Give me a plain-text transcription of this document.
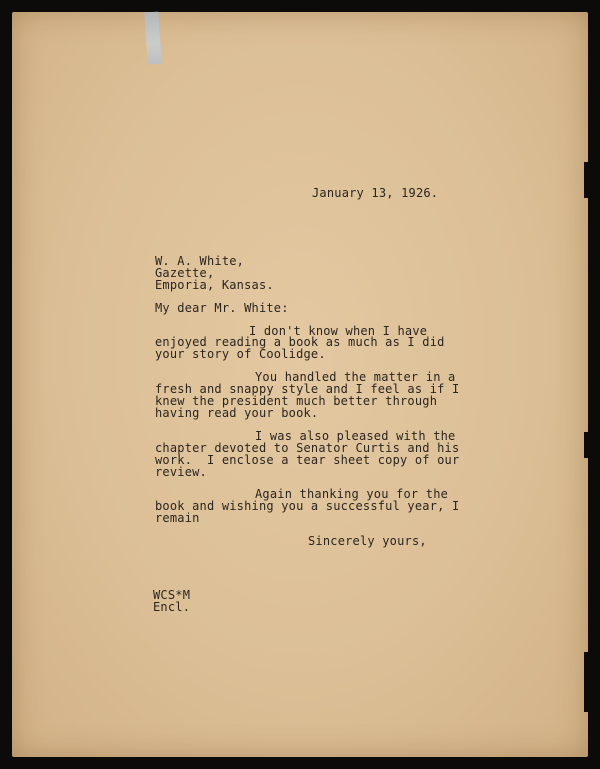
January 13, 1926.
W. A. White,
Gazette,
Emporia, Kansas.
My dear Mr. White:
I don't know when I have
enjoyed reading a book as much as I did
your story of Coolidge.
You handled the matter in a
fresh and snappy style and I feel as if I
knew the president much better through
having read your book.
I was also pleased with the
chapter devoted to Senator Curtis and his
work.  I enclose a tear sheet copy of our
review.
Again thanking you for the
book and wishing you a successful year, I
remain
Sincerely yours,
WCS*M
Encl.
